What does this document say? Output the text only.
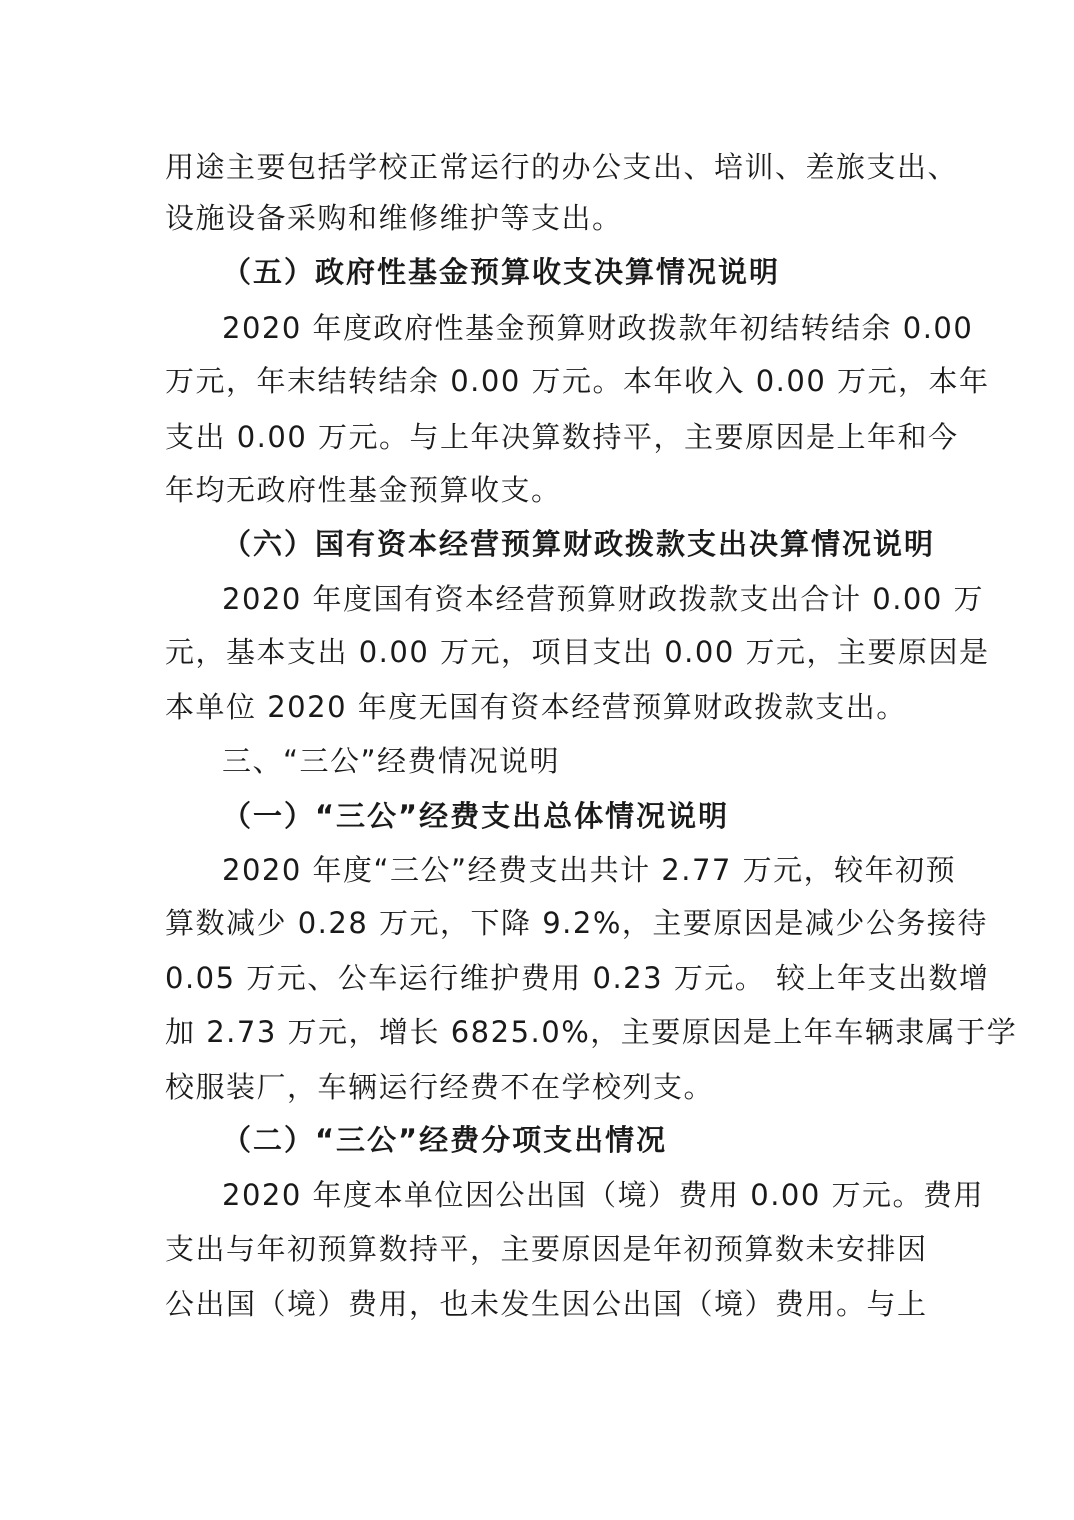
用途主要包括学校正常运行的办公支出、培训、差旅支出、
设施设备采购和维修维护等支出。
（五）政府性基金预算收支决算情况说明
2020 年度政府性基金预算财政拨款年初结转结余 0.00
万元，年末结转结余 0.00 万元。本年收入 0.00 万元，本年
支出 0.00 万元。与上年决算数持平，主要原因是上年和今
年均无政府性基金预算收支。
（六）国有资本经营预算财政拨款支出决算情况说明
2020 年度国有资本经营预算财政拨款支出合计 0.00 万
元，基本支出 0.00 万元，项目支出 0.00 万元，主要原因是
本单位 2020 年度无国有资本经营预算财政拨款支出。
三、“三公”经费情况说明
（一）“三公”经费支出总体情况说明
2020 年度“三公”经费支出共计 2.77 万元，较年初预
算数减少 0.28 万元，下降 9.2%，主要原因是减少公务接待
0.05 万元、公车运行维护费用 0.23 万元。 较上年支出数增
加 2.73 万元，增长 6825.0%，主要原因是上年车辆隶属于学
校服装厂，车辆运行经费不在学校列支。
（二）“三公”经费分项支出情况
2020 年度本单位因公出国（境）费用 0.00 万元。费用
支出与年初预算数持平，主要原因是年初预算数未安排因
公出国（境）费用，也未发生因公出国（境）费用。与上
